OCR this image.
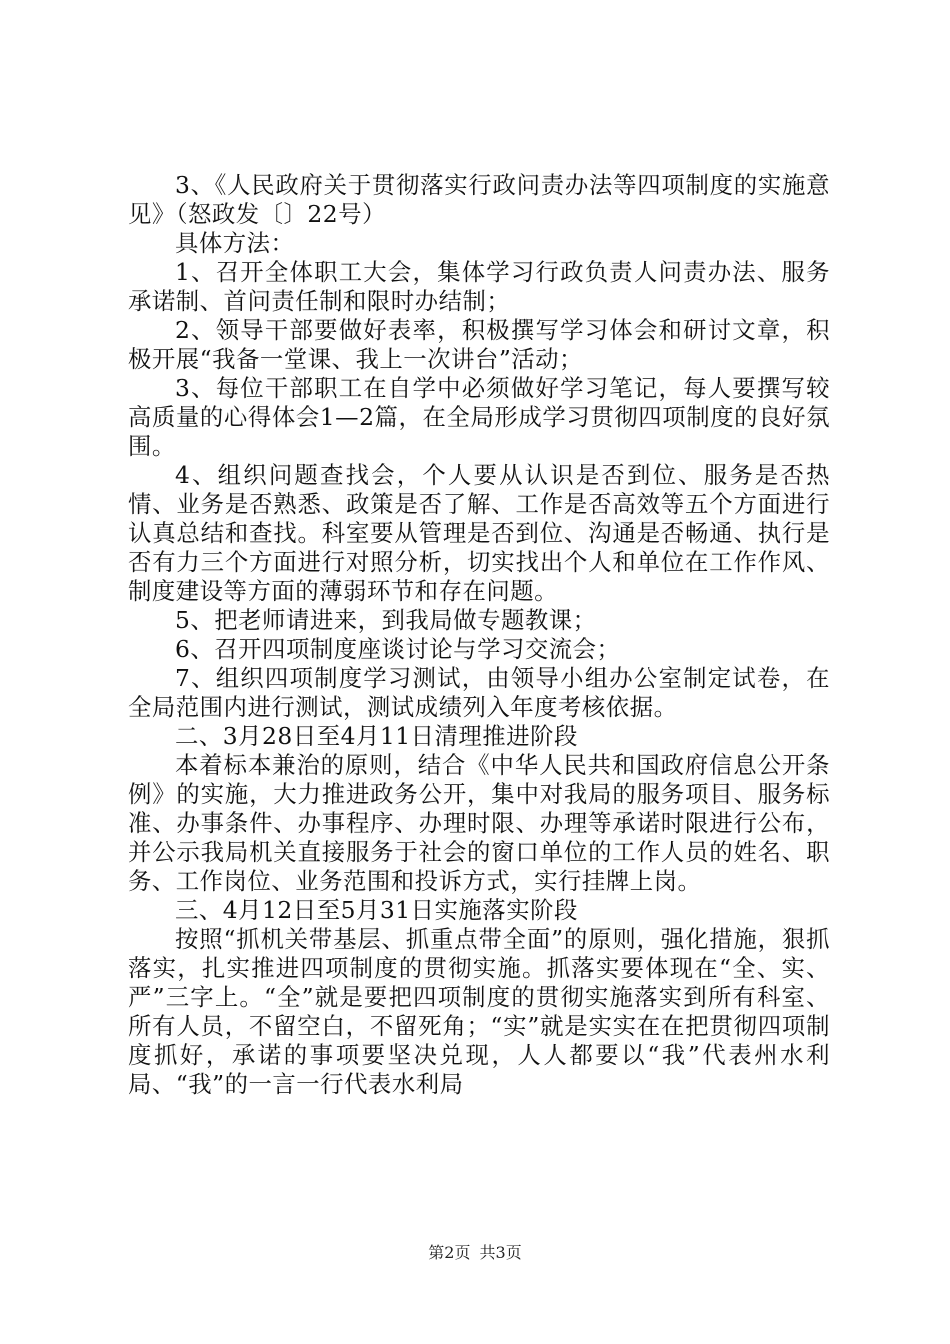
3、《人民政府关于贯彻落实行政问责办法等四项制度的实施意见》（怒政发〔〕22号）

具体方法：

1、召开全体职工大会，集体学习行政负责人问责办法、服务承诺制、首问责任制和限时办结制；

2、领导干部要做好表率，积极撰写学习体会和研讨文章，积极开展“我备一堂课、我上一次讲台”活动；

3、每位干部职工在自学中必须做好学习笔记，每人要撰写较高质量的心得体会1—2篇，在全局形成学习贯彻四项制度的良好氛围。

4、组织问题查找会，个人要从认识是否到位、服务是否热情、业务是否熟悉、政策是否了解、工作是否高效等五个方面进行认真总结和查找。科室要从管理是否到位、沟通是否畅通、执行是否有力三个方面进行对照分析，切实找出个人和单位在工作作风、制度建设等方面的薄弱环节和存在问题。

5、把老师请进来，到我局做专题教课；

6、召开四项制度座谈讨论与学习交流会；

7、组织四项制度学习测试，由领导小组办公室制定试卷，在全局范围内进行测试，测试成绩列入年度考核依据。

二、3月28日至4月11日清理推进阶段

本着标本兼治的原则，结合《中华人民共和国政府信息公开条例》的实施，大力推进政务公开，集中对我局的服务项目、服务标准、办事条件、办事程序、办理时限、办理等承诺时限进行公布，并公示我局机关直接服务于社会的窗口单位的工作人员的姓名、职务、工作岗位、业务范围和投诉方式，实行挂牌上岗。

三、4月12日至5月31日实施落实阶段

按照“抓机关带基层、抓重点带全面”的原则，强化措施，狠抓落实，扎实推进四项制度的贯彻实施。抓落实要体现在“全、实、严”三字上。“全”就是要把四项制度的贯彻实施落实到所有科室、所有人员，不留空白，不留死角；“实”就是实实在在把贯彻四项制度抓好，承诺的事项要坚决兑现，人人都要以“我”代表州水利局、“我”的一言一行代表水利局

第2页 共3页
